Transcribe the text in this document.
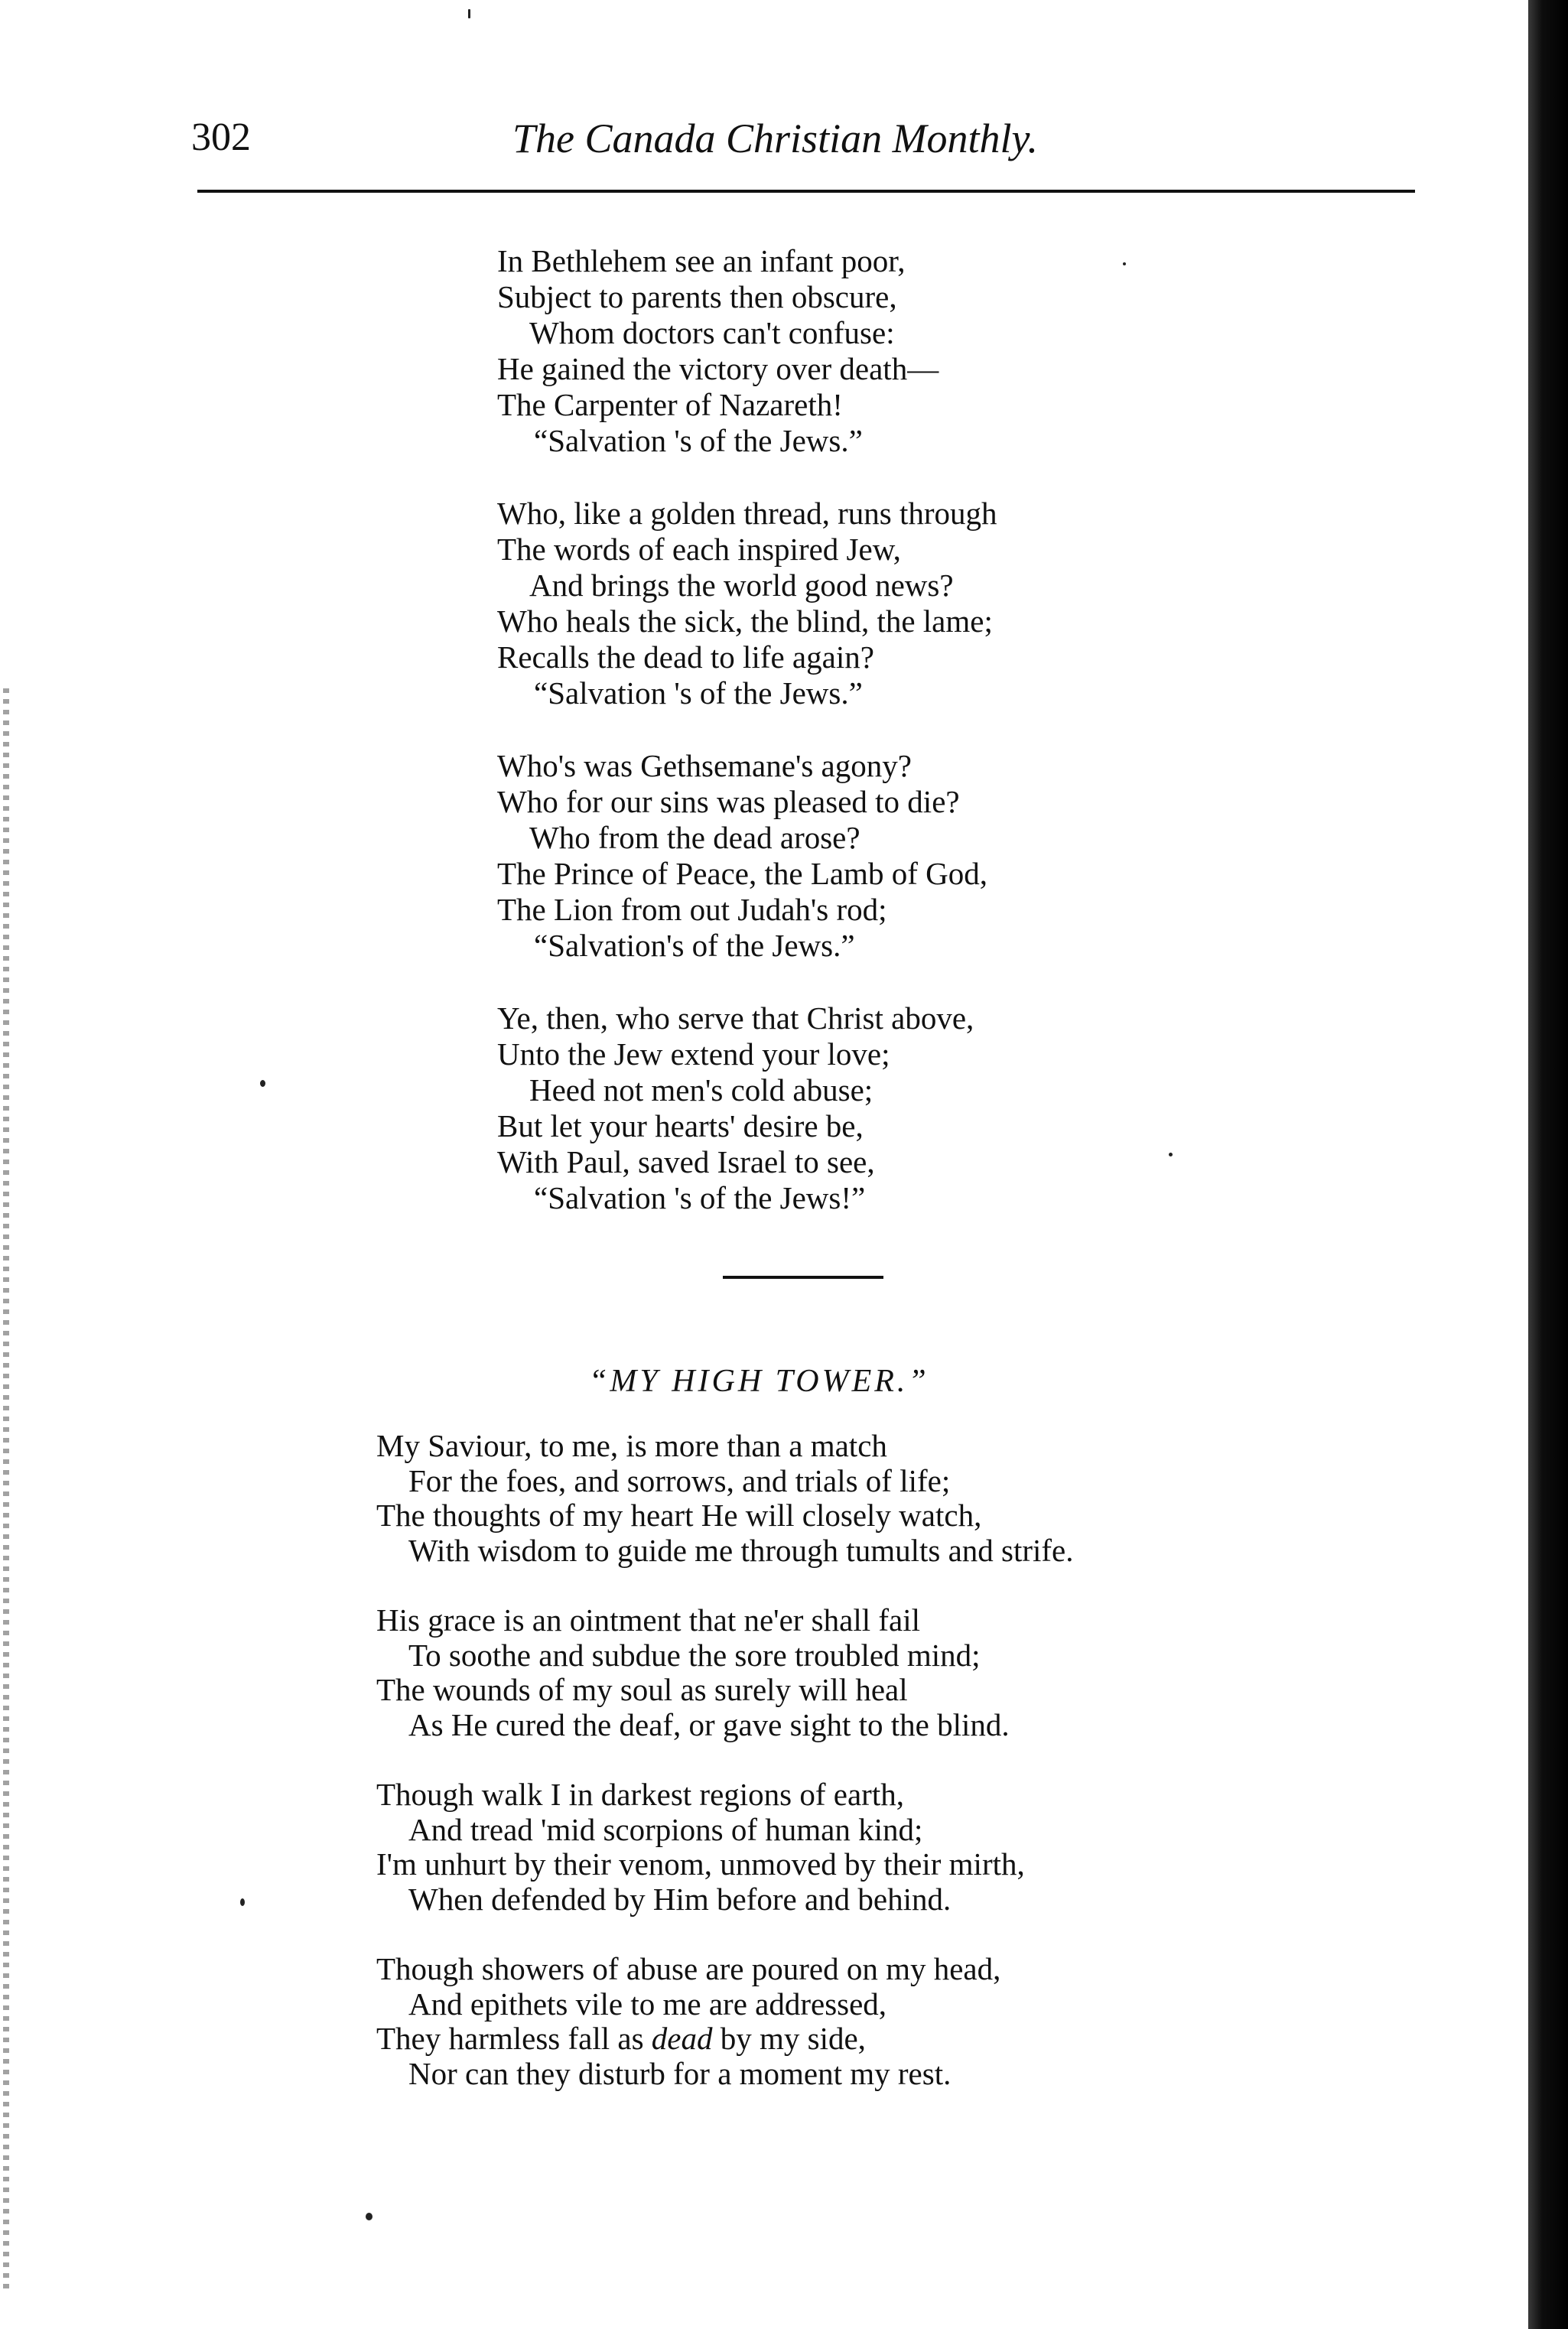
302	The Canada Christian Monthly.
In Bethlehem see an infant poor,
Subject to parents then obscure,
Whom doctors can't confuse:
He gained the victory over death—
The Carpenter of Nazareth!
“Salvation 's of the Jews.”
Who, like a golden thread, runs through
The words of each inspired Jew,
And brings the world good news?
Who heals the sick, the blind, the lame;
Recalls the dead to life again?
“Salvation 's of the Jews.”
Who's was Gethsemane's agony?
Who for our sins was pleased to die?
Who from the dead arose?
The Prince of Peace, the Lamb of God,
The Lion from out Judah's rod;
“Salvation's of the Jews.”
Ye, then, who serve that Christ above,
Unto the Jew extend your love;
Heed not men's cold abuse;
But let your hearts' desire be,
With Paul, saved Israel to see,
“Salvation 's of the Jews!”
“MY HIGH TOWER.”
My Saviour, to me, is more than a match
For the foes, and sorrows, and trials of life;
The thoughts of my heart He will closely watch,
With wisdom to guide me through tumults and strife.
His grace is an ointment that ne'er shall fail
To soothe and subdue the sore troubled mind;
The wounds of my soul as surely will heal
As He cured the deaf, or gave sight to the blind.
Though walk I in darkest regions of earth,
And tread 'mid scorpions of human kind;
I'm unhurt by their venom, unmoved by their mirth,
When defended by Him before and behind.
Though showers of abuse are poured on my head,
And epithets vile to me are addressed,
They harmless fall as dead by my side,
Nor can they disturb for a moment my rest.
